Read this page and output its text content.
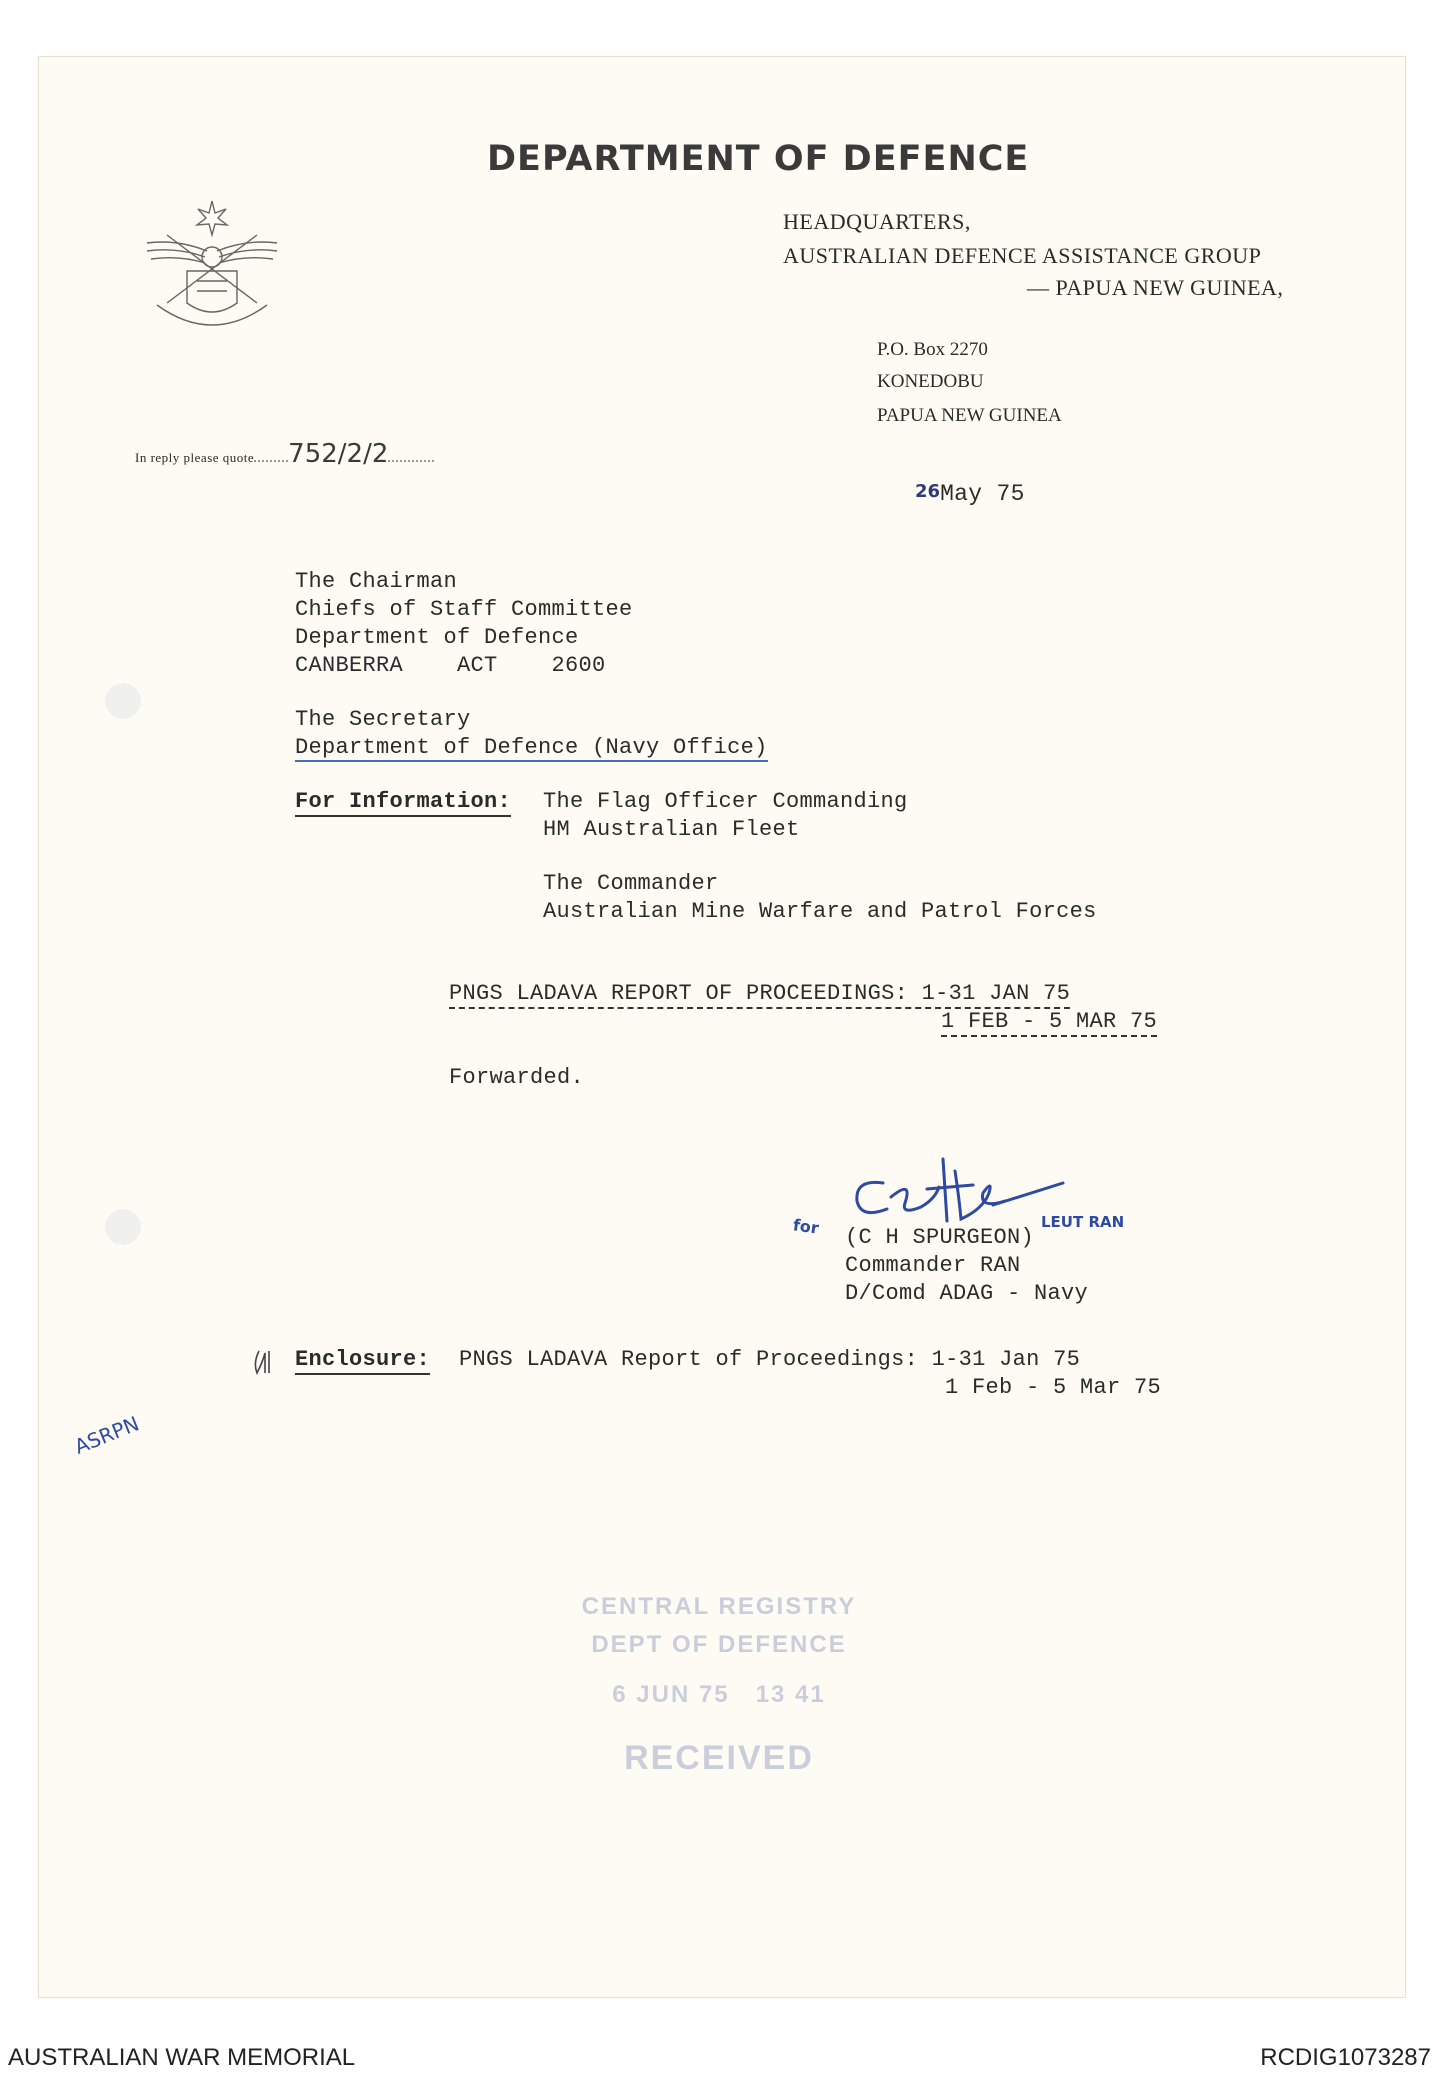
DEPARTMENT OF DEFENCE
HEADQUARTERS,
AUSTRALIAN DEFENCE ASSISTANCE GROUP
— PAPUA NEW GUINEA,
P.O. Box 2270
KONEDOBU
PAPUA NEW GUINEA
In reply please quote 752/2/2
26May 75
The Chairman
Chiefs of Staff Committee
Department of Defence
CANBERRA    ACT    2600
The Secretary
Department of Defence (Navy Office)
For Information: The Flag Officer Commanding
HM Australian Fleet
The Commander
Australian Mine Warfare and Patrol Forces
PNGS LADAVA REPORT OF PROCEEDINGS: 1-31 JAN 75
1 FEB - 5 MAR 75
Forwarded.
for	LEUT RAN
(C H SPURGEON)
Commander RAN
D/Comd ADAG - Navy
Enclosure: PNGS LADAVA Report of Proceedings: 1-31 Jan 75
1 Feb - 5 Mar 75
ASRPN
CENTRAL REGISTRY
DEPT OF DEFENCE
6 JUN 75   13 41
RECEIVED
AUSTRALIAN WAR MEMORIAL	RCDIG1073287
